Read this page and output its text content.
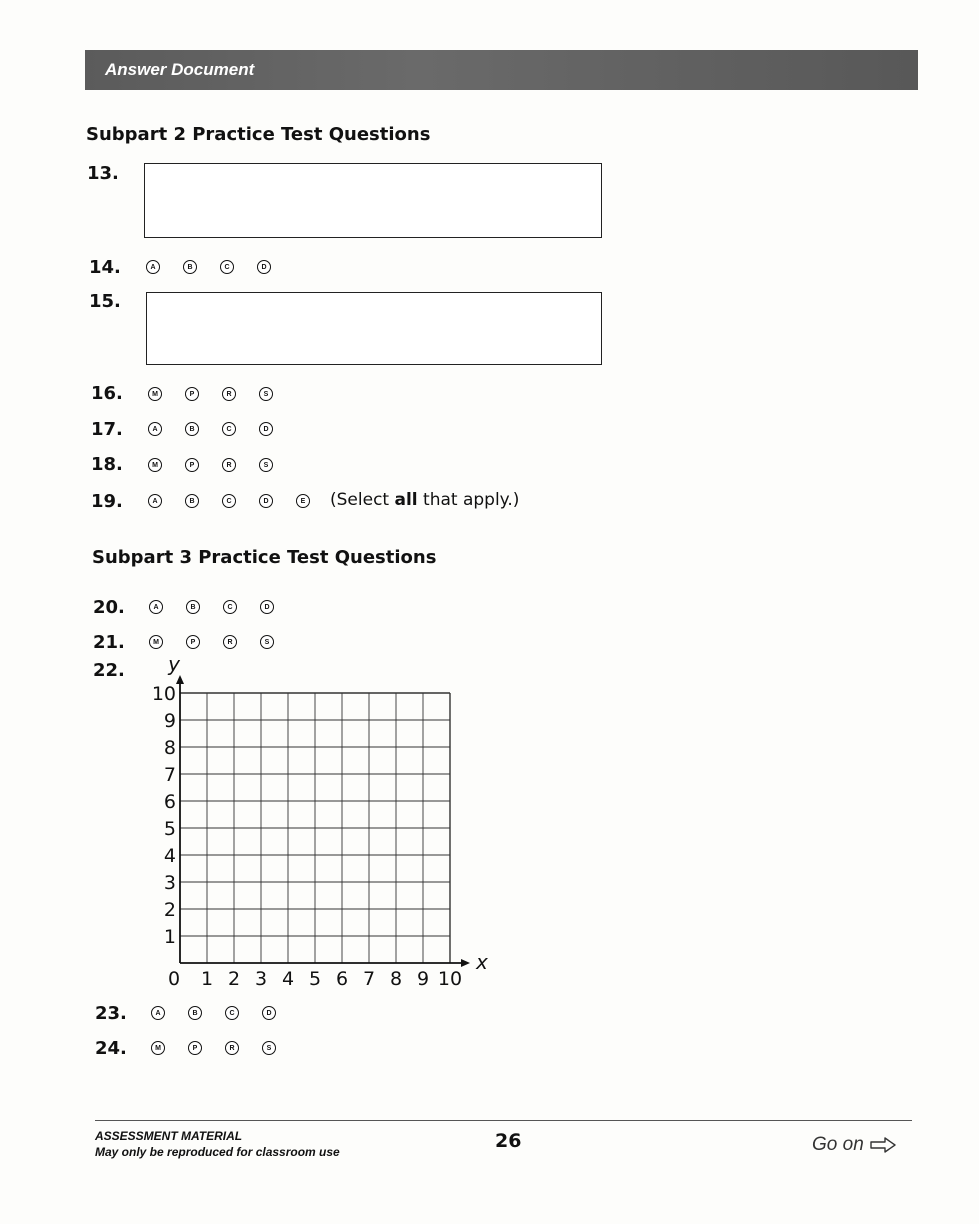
Answer Document
Subpart 2 Practice Test Questions
13.
14.	A	B	C	D
15.
16.	M	P	R	S
17.	A	B	C	D
18.	M	P	R	S
19.	A	B	C	D	E (Select all that apply.)
Subpart 3 Practice Test Questions
20.	A	B	C	D
21.	M	P	R	S
22.
0 1 2 3 4 5 6 7 8 9 10
1
2
3
4
5
6
7
8
9
10
x
y
23.	A	B	C	D
24.	M	P	R	S
ASSESSMENT MATERIAL
May only be reproduced for classroom use	26	Go on
